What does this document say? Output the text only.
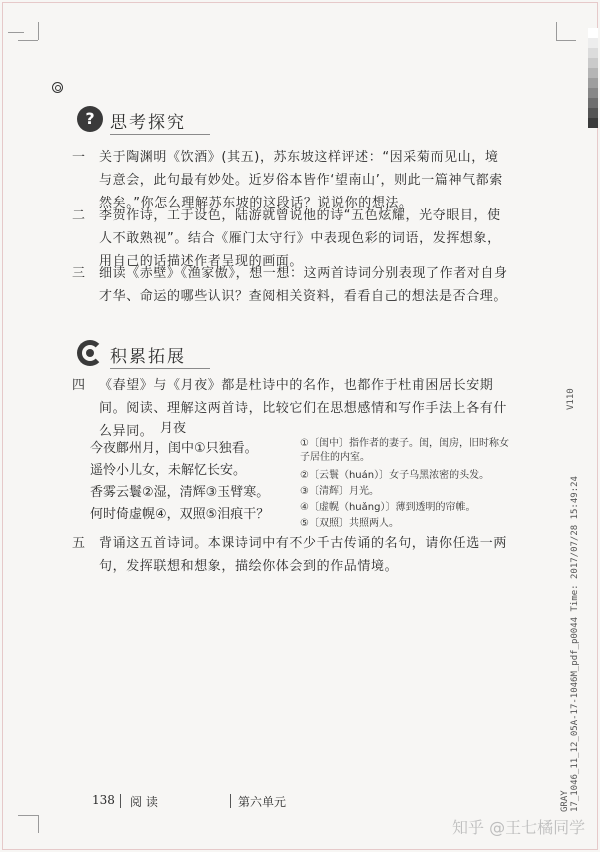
? 思考探究
一 关于陶渊明《饮酒》(其五)，苏东坡这样评述：“因采菊而见山，境与意会，此句最有妙处。近岁俗本皆作‘望南山’，则此一篇神气都索然矣。”你怎么理解苏东坡的这段话？说说你的想法。
二 李贺作诗，工于设色，陆游就曾说他的诗“五色炫耀，光夺眼目，使人不敢熟视”。结合《雁门太守行》中表现色彩的词语，发挥想象，用自己的话描述作者呈现的画面。
三 细读《赤壁》《渔家傲》，想一想：这两首诗词分别表现了作者对自身才华、命运的哪些认识？查阅相关资料，看看自己的想法是否合理。
积累拓展
四 《春望》与《月夜》都是杜诗中的名作，也都作于杜甫困居长安期间。阅读、理解这两首诗，比较它们在思想感情和写作手法上各有什么异同。 月夜
今夜鄜州月，闺中①只独看。
遥怜小儿女，未解忆长安。
香雾云鬟②湿，清辉③玉臂寒。
何时倚虚幌④，双照⑤泪痕干？
①〔闺中〕指作者的妻子。闺，闺房，旧时称女子居住的内室。
②〔云鬟（huán）〕女子乌黑浓密的头发。
③〔清辉〕月光。
④〔虚幌（huǎng）〕薄到透明的帘帷。
⑤〔双照〕共照两人。
五 背诵这五首诗词。本课诗词中有不少千古传诵的名句，请你任选一两句，发挥联想和想象，描绘你体会到的作品情境。
138 阅 读	第六单元
V110
17_1046_11_12_05A-17-1046M_pdf_p0044 Time: 2017/07/28 15:49:24
GRAY
知乎 @王七橘同学
